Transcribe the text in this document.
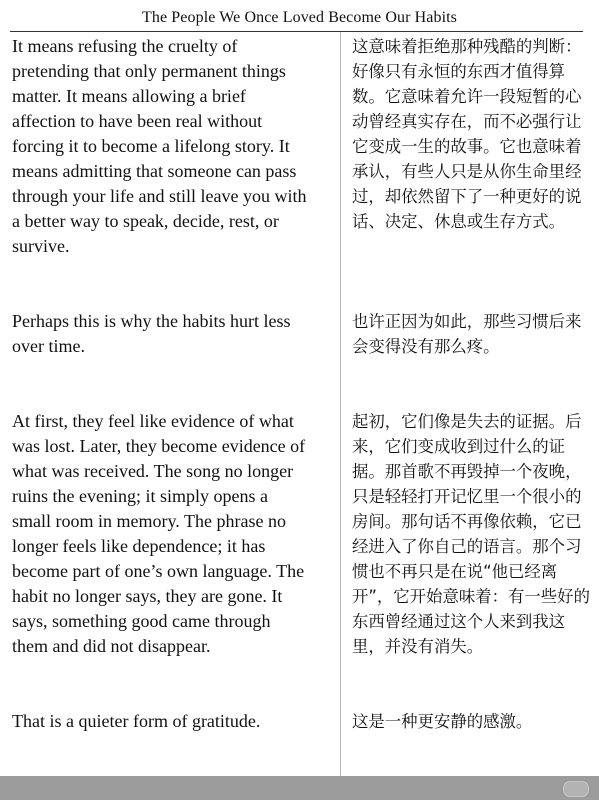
The People We Once Loved Become Our Habits
It means refusing the cruelty of
pretending that only permanent things
matter. It means allowing a brief
affection to have been real without
forcing it to become a lifelong story. It
means admitting that someone can pass
through your life and still leave you with
a better way to speak, decide, rest, or
survive.
这意味着拒绝那种残酷的判断：好像只有永恒的东西才值得算数。它意味着允许一段短暂的心动曾经真实存在，而不必强行让它变成一生的故事。它也意味着承认，有些人只是从你生命里经过，却依然留下了一种更好的说话、决定、休息或生存方式。
Perhaps this is why the habits hurt less
over time.
也许正因为如此，那些习惯后来会变得没有那么疼。
At first, they feel like evidence of what
was lost. Later, they become evidence of
what was received. The song no longer
ruins the evening; it simply opens a
small room in memory. The phrase no
longer feels like dependence; it has
become part of one’s own language. The
habit no longer says, they are gone. It
says, something good came through
them and did not disappear.
起初，它们像是失去的证据。后来，它们变成收到过什么的证据。那首歌不再毁掉一个夜晚，只是轻轻打开记忆里一个很小的房间。那句话不再像依赖，它已经进入了你自己的语言。那个习惯也不再只是在说“他已经离开”，它开始意味着：有一些好的东西曾经通过这个人来到我这里，并没有消失。
That is a quieter form of gratitude.	这是一种更安静的感激。
